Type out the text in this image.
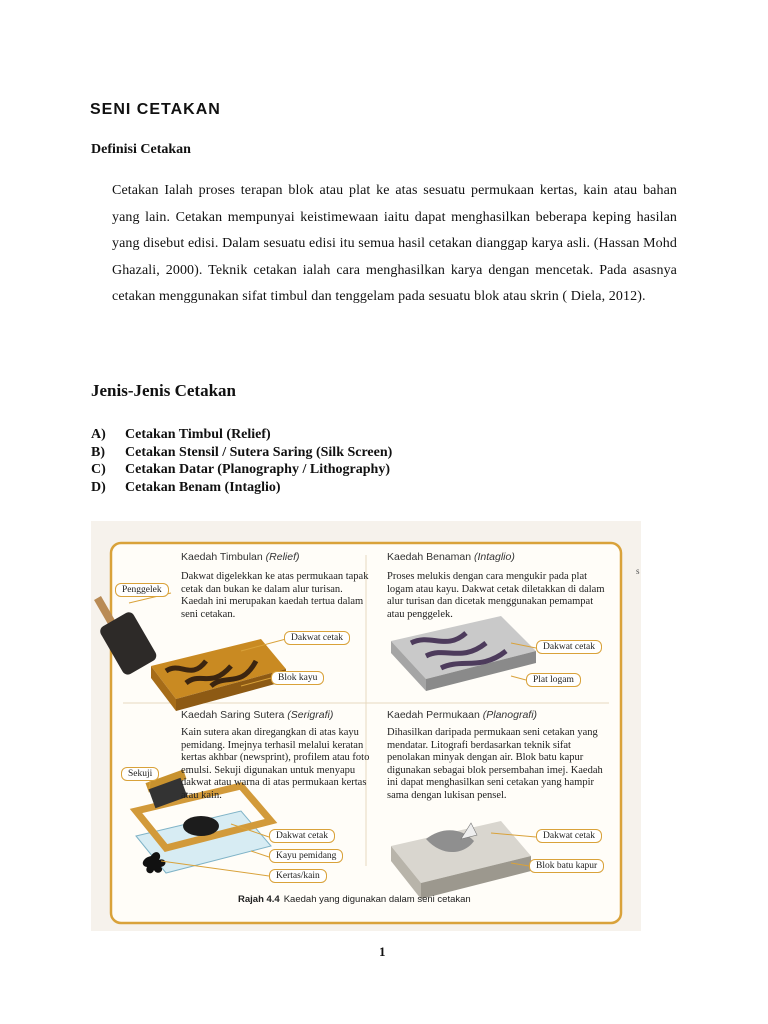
SENI CETAKAN
Definisi Cetakan

Cetakan Ialah proses terapan blok atau plat ke atas sesuatu permukaan kertas, kain atau bahan yang lain. Cetakan mempunyai keistimewaan iaitu dapat menghasilkan beberapa keping hasilan yang disebut edisi. Dalam sesuatu edisi itu semua hasil cetakan dianggap karya asli. (Hassan Mohd Ghazali, 2000). Teknik cetakan ialah cara menghasilkan karya dengan mencetak. Pada asasnya cetakan menggunakan sifat timbul dan tenggelam pada sesuatu blok atau skrin ( Diela, 2012).

Jenis-Jenis Cetakan
A)	Cetakan Timbul (Relief)
B)	Cetakan Stensil / Sutera Saring (Silk Screen)
C)	Cetakan Datar (Planography / Lithography)
D)	Cetakan Benam (Intaglio)
Kaedah Timbulan (Relief)

Dakwat digelekkan ke atas permukaan tapak cetak dan bukan ke dalam alur turisan. Kaedah ini merupakan kaedah tertua dalam seni cetakan.

Penggelek
Dakwat cetak
Blok kayu
Kaedah Benaman (Intaglio)

Proses melukis dengan cara mengukir pada plat logam atau kayu. Dakwat cetak diletakkan di dalam alur turisan dan dicetak menggunakan pemampat atau penggelek.

Dakwat cetak
Plat logam
Kaedah Saring Sutera (Serigrafi)

Kain sutera akan diregangkan di atas kayu pemidang. Imejnya terhasil melalui keratan kertas akhbar (newsprint), profilem atau foto emulsi. Sekuji digunakan untuk menyapu dakwat atau warna di atas permukaan kertas atau kain.

Sekuji
Dakwat cetak
Kayu pemidang
Kertas/kain
Kaedah Permukaan (Planografi)

Dihasilkan daripada permukaan seni cetakan yang mendatar. Litografi berdasarkan teknik sifat penolakan minyak dengan air. Blok batu kapur digunakan sebagai blok persembahan imej. Kaedah ini dapat menghasilkan seni cetakan yang hampir sama dengan lukisan pensel.

Dakwat cetak
Blok batu kapur
Rajah 4.4 Kaedah yang digunakan dalam seni cetakan
s
1
